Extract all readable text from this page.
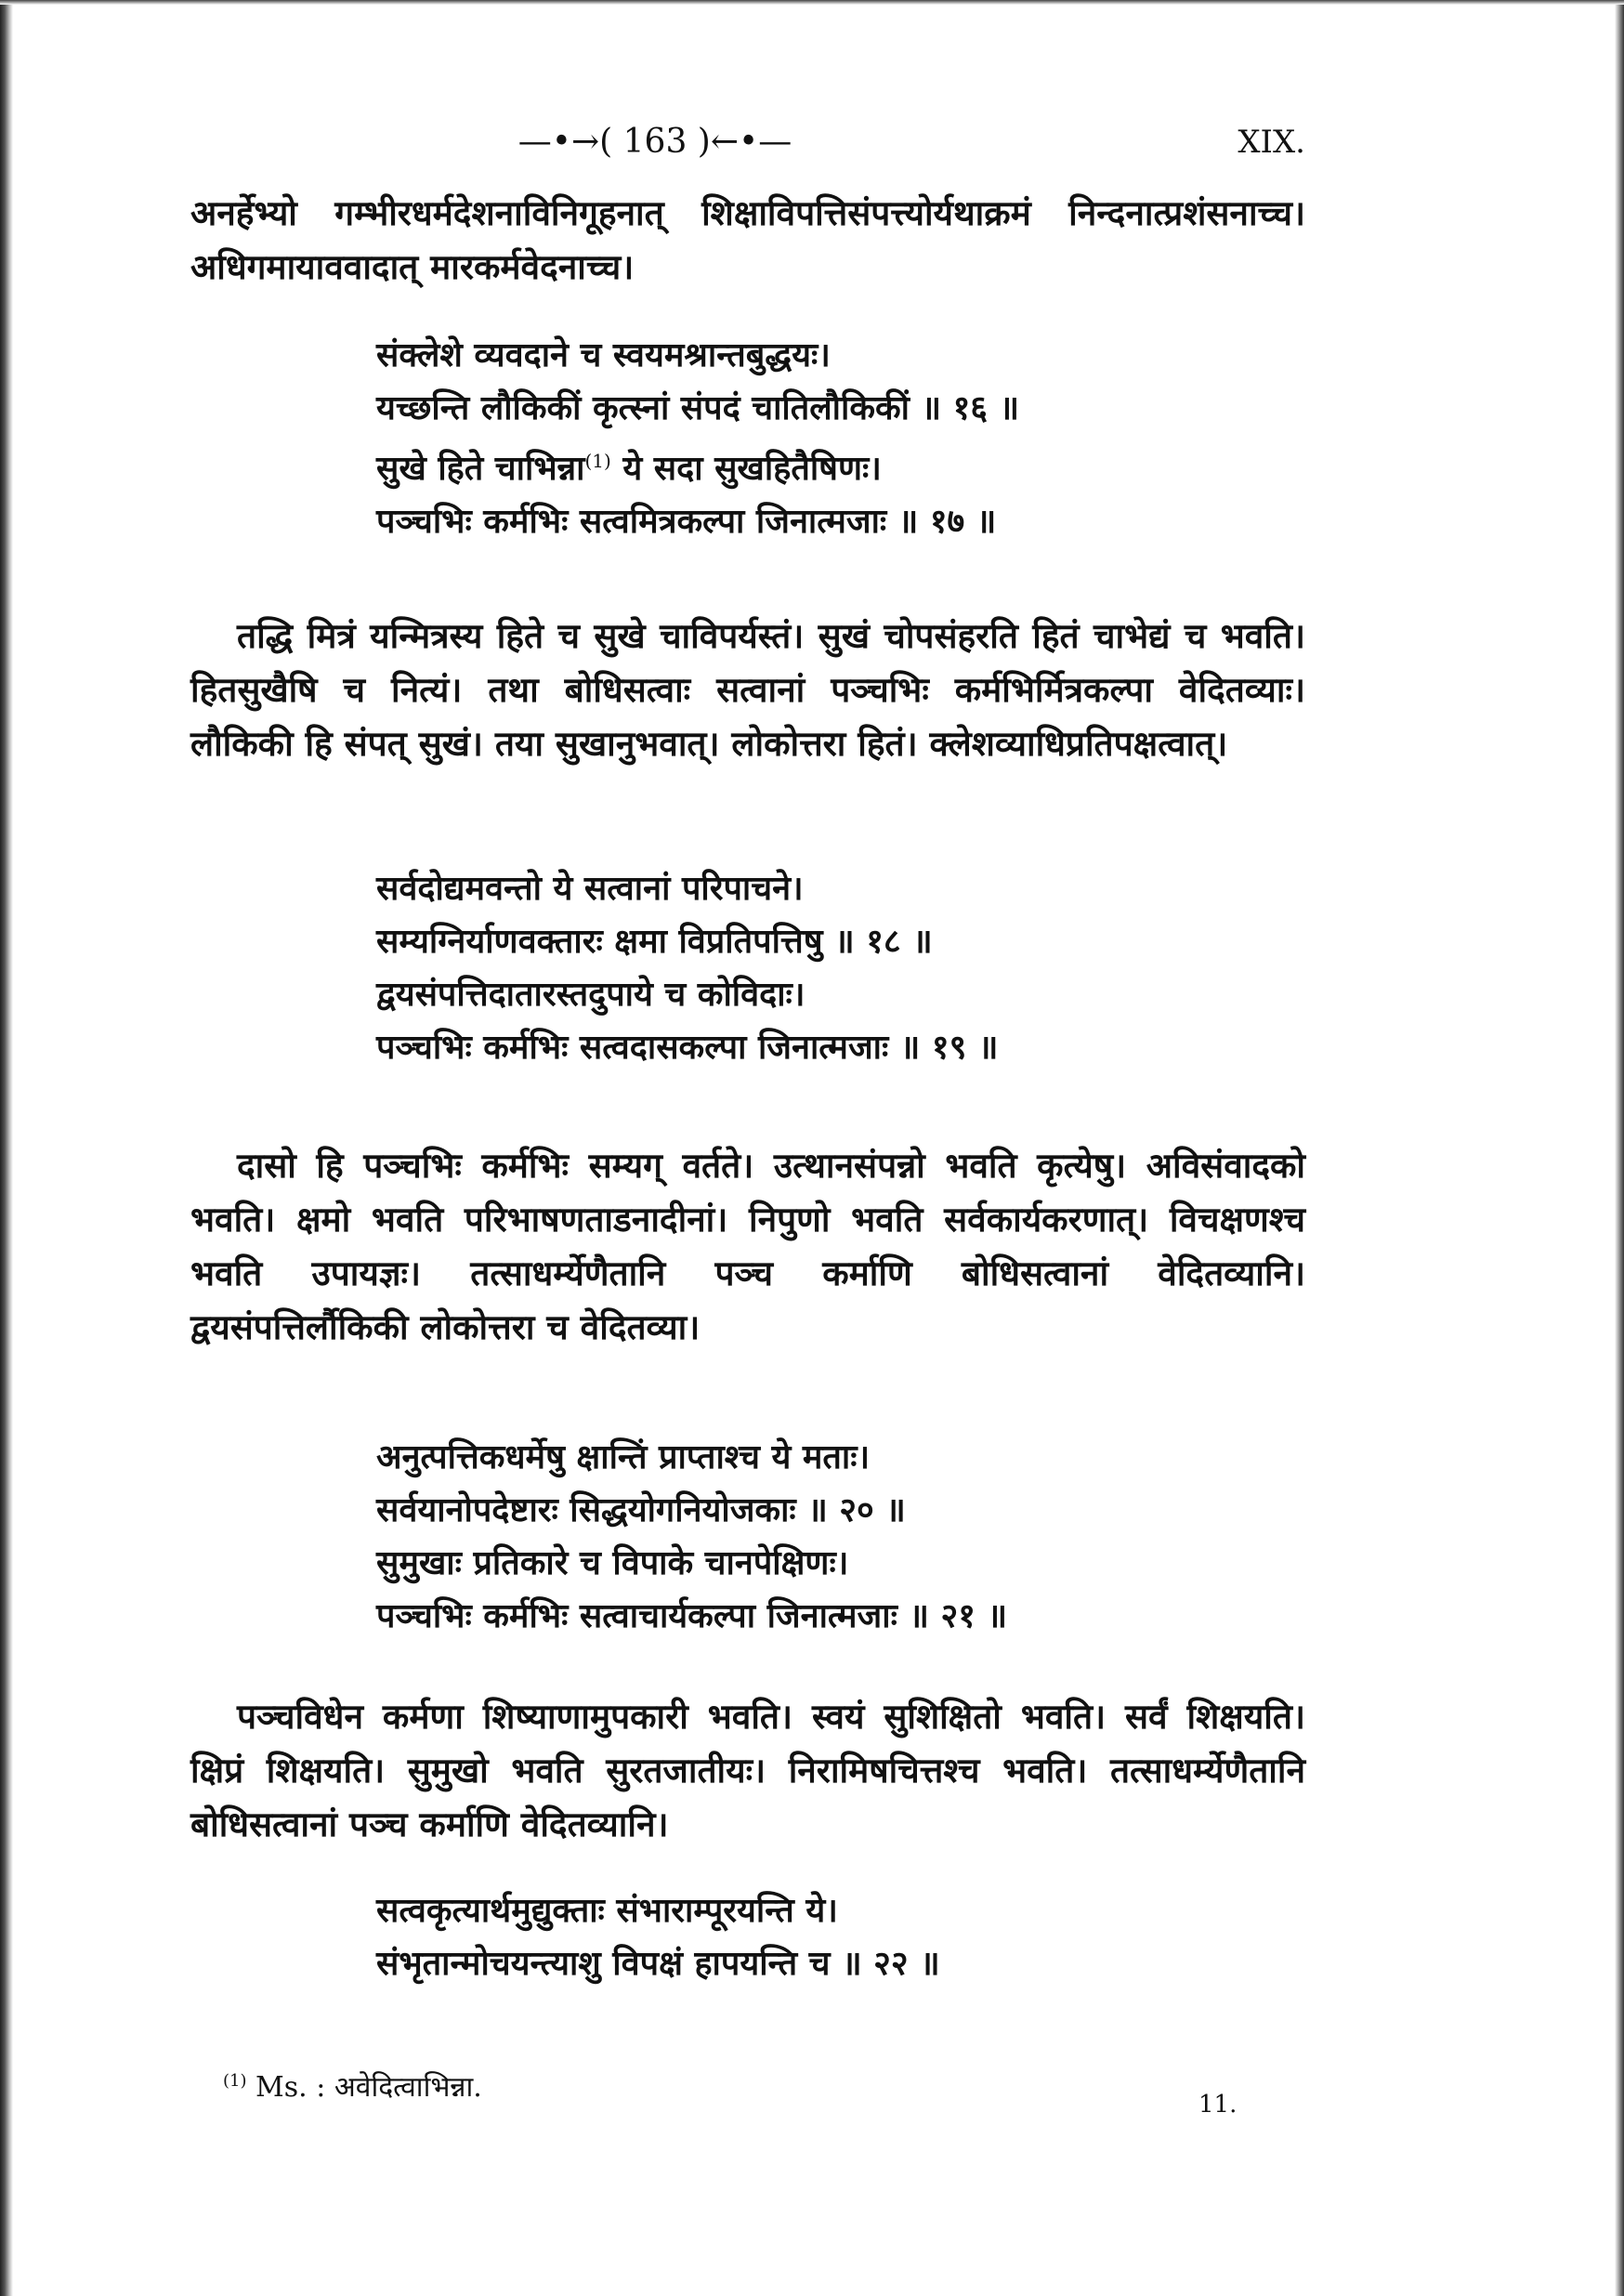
—•→( 163 )←•—	XIX.
अनर्हेभ्यो गम्भीरधर्मदेशनाविनिगूहनात् शिक्षाविपत्तिसंपत्त्योर्यथाक्रमं निन्दनात्प्रशंसनाच्च। अधिगमायाववादात् मारकर्मवेदनाच्च।
संक्लेशे व्यवदाने च स्वयमश्रान्तबुद्धयः।
यच्छन्ति लौकिकीं कृत्स्नां संपदं चातिलौकिकीं ॥ १६ ॥
सुखे हिते चाभिन्ना$^{(1)}$ ये सदा सुखहितैषिणः।
पञ्चभिः कर्मभिः सत्वमित्रकल्पा जिनात्मजाः ॥ १७ ॥
तद्धि मित्रं यन्मित्रस्य हिते च सुखे चाविपर्यस्तं। सुखं चोपसंहरति हितं चाभेद्यं च भवति। हितसुखैषि च नित्यं। तथा बोधिसत्वाः सत्वानां पञ्चभिः कर्मभिर्मित्रकल्पा वेदितव्याः। लौकिकी हि संपत् सुखं। तया सुखानुभवात्। लोकोत्तरा हितं। क्लेशव्याधिप्रतिपक्षत्वात्।
सर्वदोद्यमवन्तो ये सत्वानां परिपाचने।
सम्यग्निर्याणवक्तारः क्षमा विप्रतिपत्तिषु ॥ १८ ॥
द्वयसंपत्तिदातारस्तदुपाये च कोविदाः।
पञ्चभिः कर्मभिः सत्वदासकल्पा जिनात्मजाः ॥ १९ ॥
दासो हि पञ्चभिः कर्मभिः सम्यग् वर्तते। उत्थानसंपन्नो भवति कृत्येषु। अविसंवादको भवति। क्षमो भवति परिभाषणताडनादीनां। निपुणो भवति सर्वकार्यकरणात्। विचक्षणश्च भवति उपायज्ञः। तत्साधर्म्येणैतानि पञ्च कर्माणि बोधिसत्वानां वेदितव्यानि। द्वयसंपत्तिर्लौकिकी लोकोत्तरा च वेदितव्या।
अनुत्पत्तिकधर्मेषु क्षान्तिं प्राप्ताश्च ये मताः।
सर्वयानोपदेष्टारः सिद्धयोगनियोजकाः ॥ २० ॥
सुमुखाः प्रतिकारे च विपाके चानपेक्षिणः।
पञ्चभिः कर्मभिः सत्वाचार्यकल्पा जिनात्मजाः ॥ २१ ॥
पञ्चविधेन कर्मणा शिष्याणामुपकारी भवति। स्वयं सुशिक्षितो भवति। सर्वं शिक्षयति। क्षिप्रं शिक्षयति। सुमुखो भवति सुरतजातीयः। निरामिषचित्तश्च भवति। तत्साधर्म्येणैतानि बोधिसत्वानां पञ्च कर्माणि वेदितव्यानि।
सत्वकृत्यार्थमुद्युक्ताः संभाराम्पूरयन्ति ये।
संभृतान्मोचयन्त्याशु विपक्षं हापयन्ति च ॥ २२ ॥
$^{(1)}$ Ms. : अवेदित्वाभिन्ना.
11.
